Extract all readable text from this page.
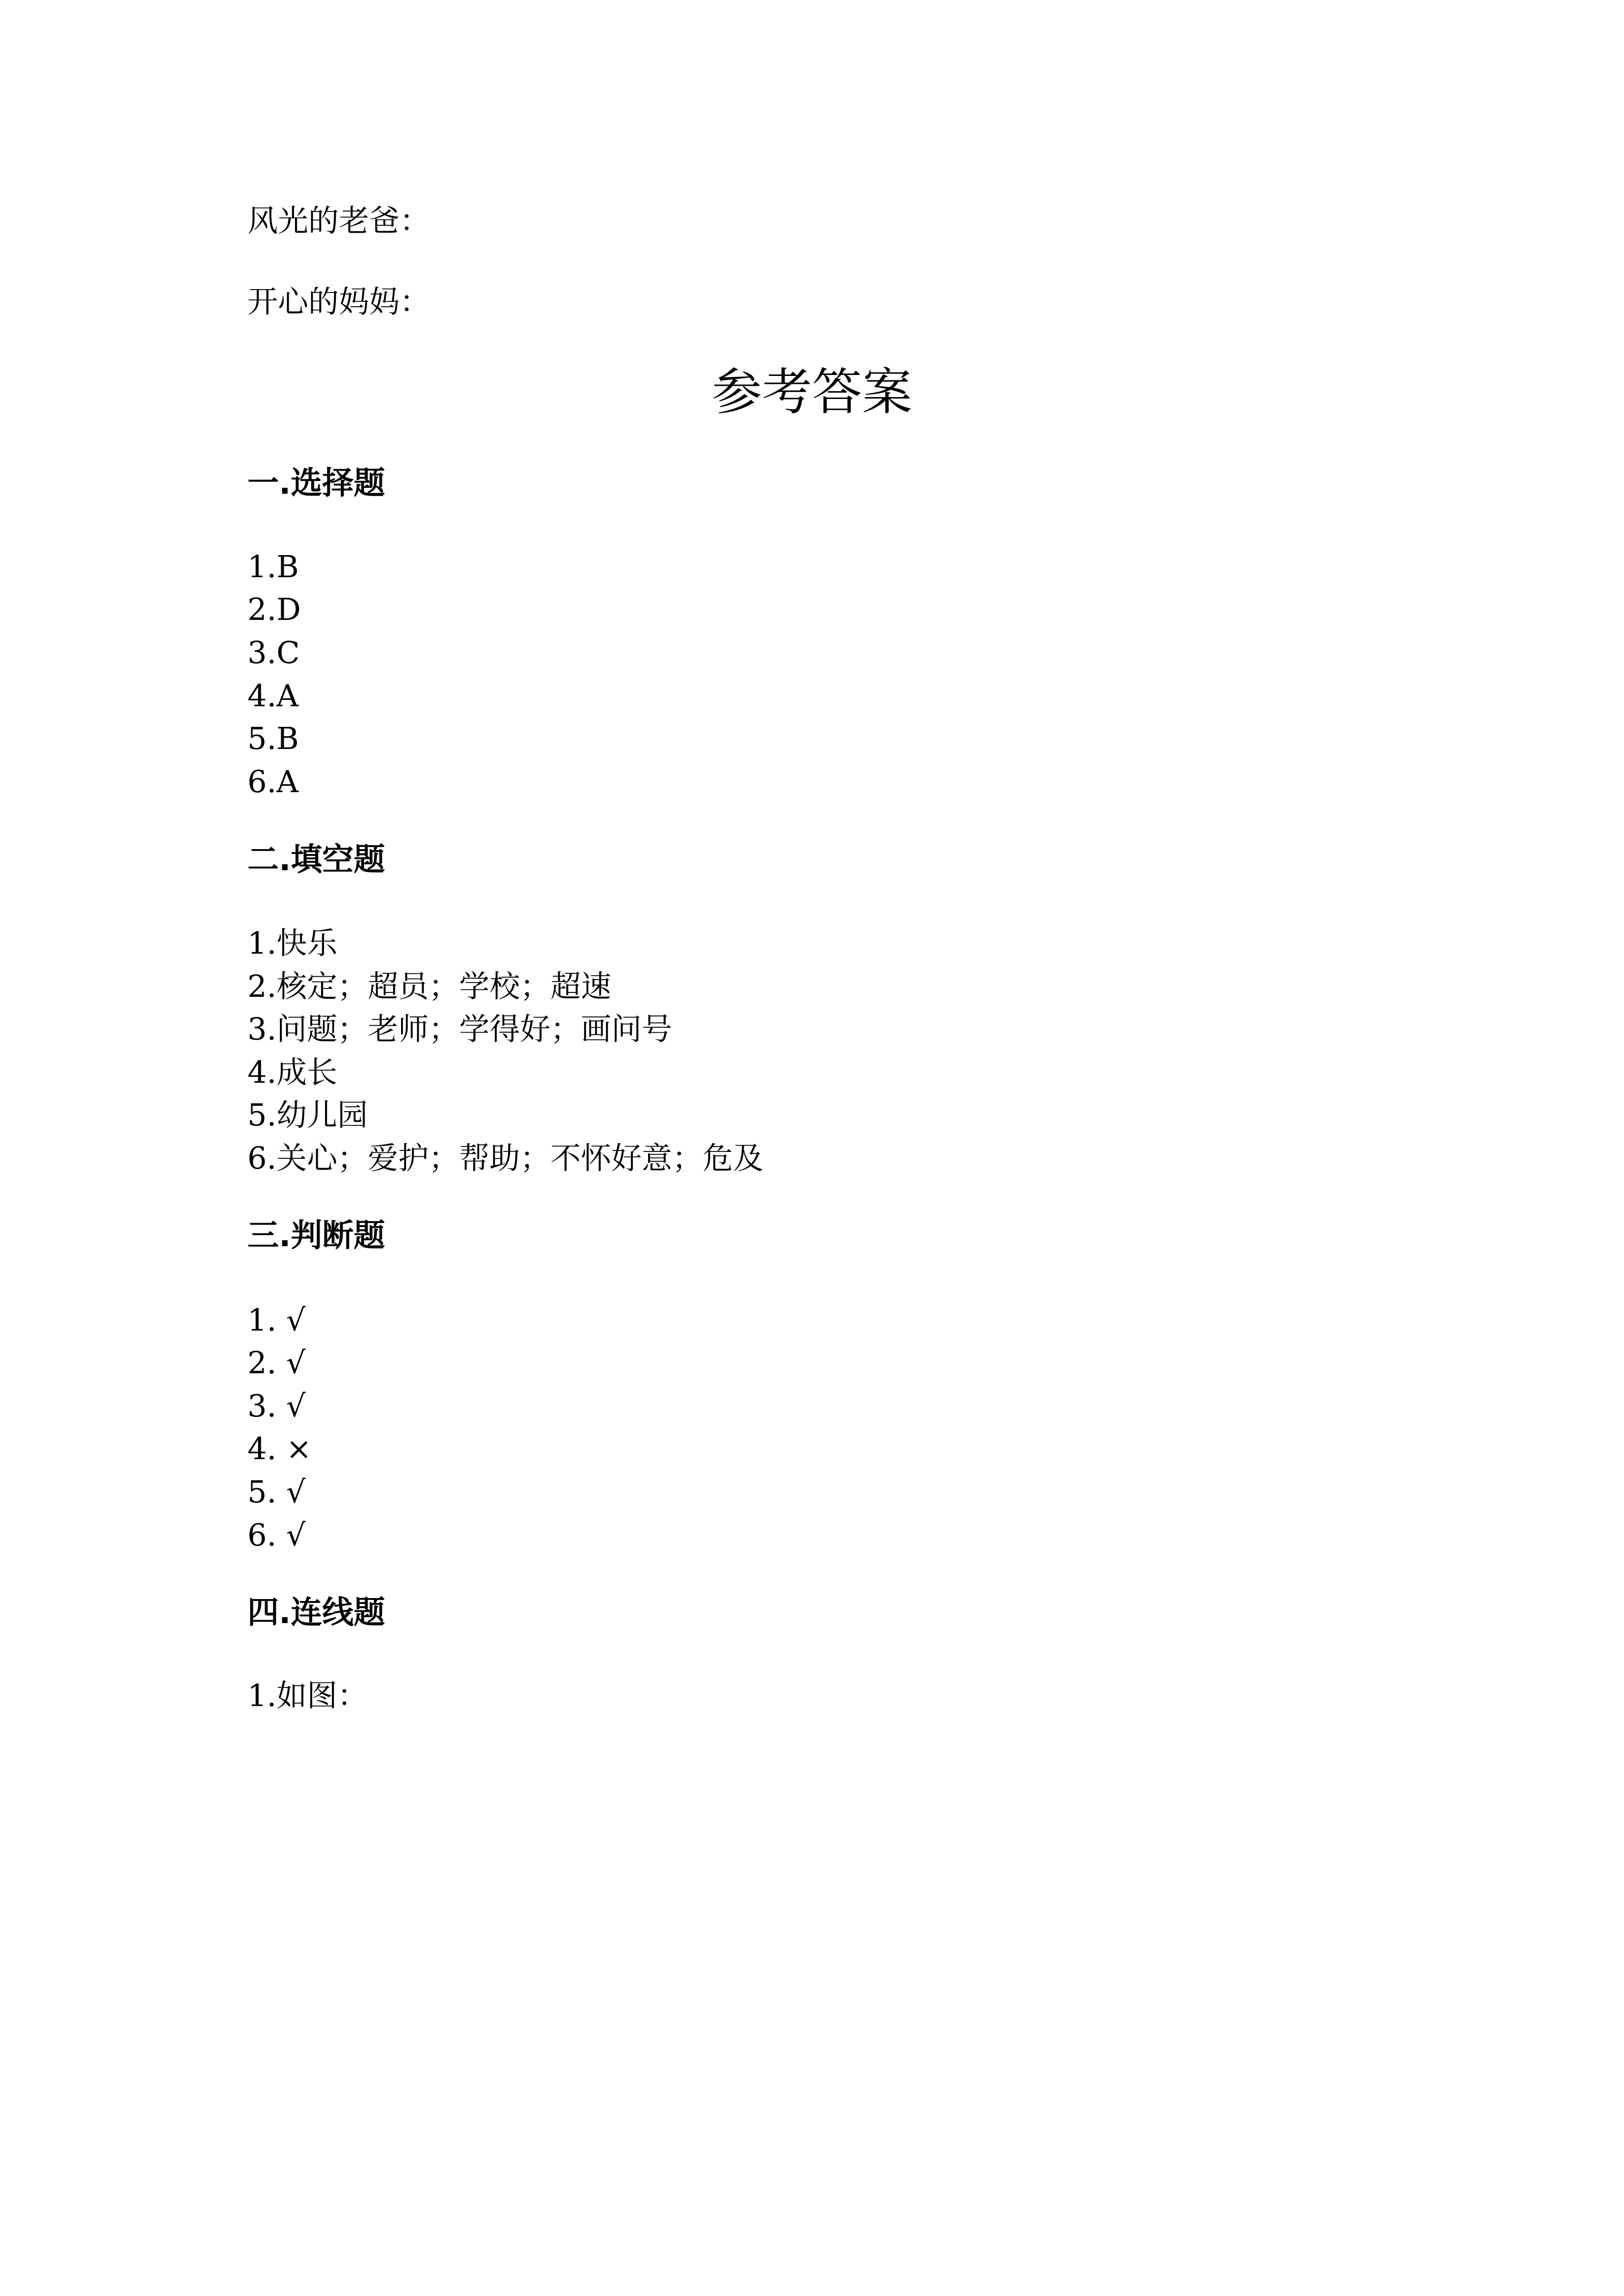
风光的老爸：

开心的妈妈：

参考答案
一.选择题

1.B

2.D

3.C

4.A

5.B

6.A

二.填空题

1.快乐

2.核定；超员；学校；超速

3.问题；老师；学得好；画问号

4.成长

5.幼儿园

6.关心；爱护；帮助；不怀好意；危及

三.判断题

1. √

2. √

3. √

4. ×

5. √

6. √

四.连线题

1.如图：
